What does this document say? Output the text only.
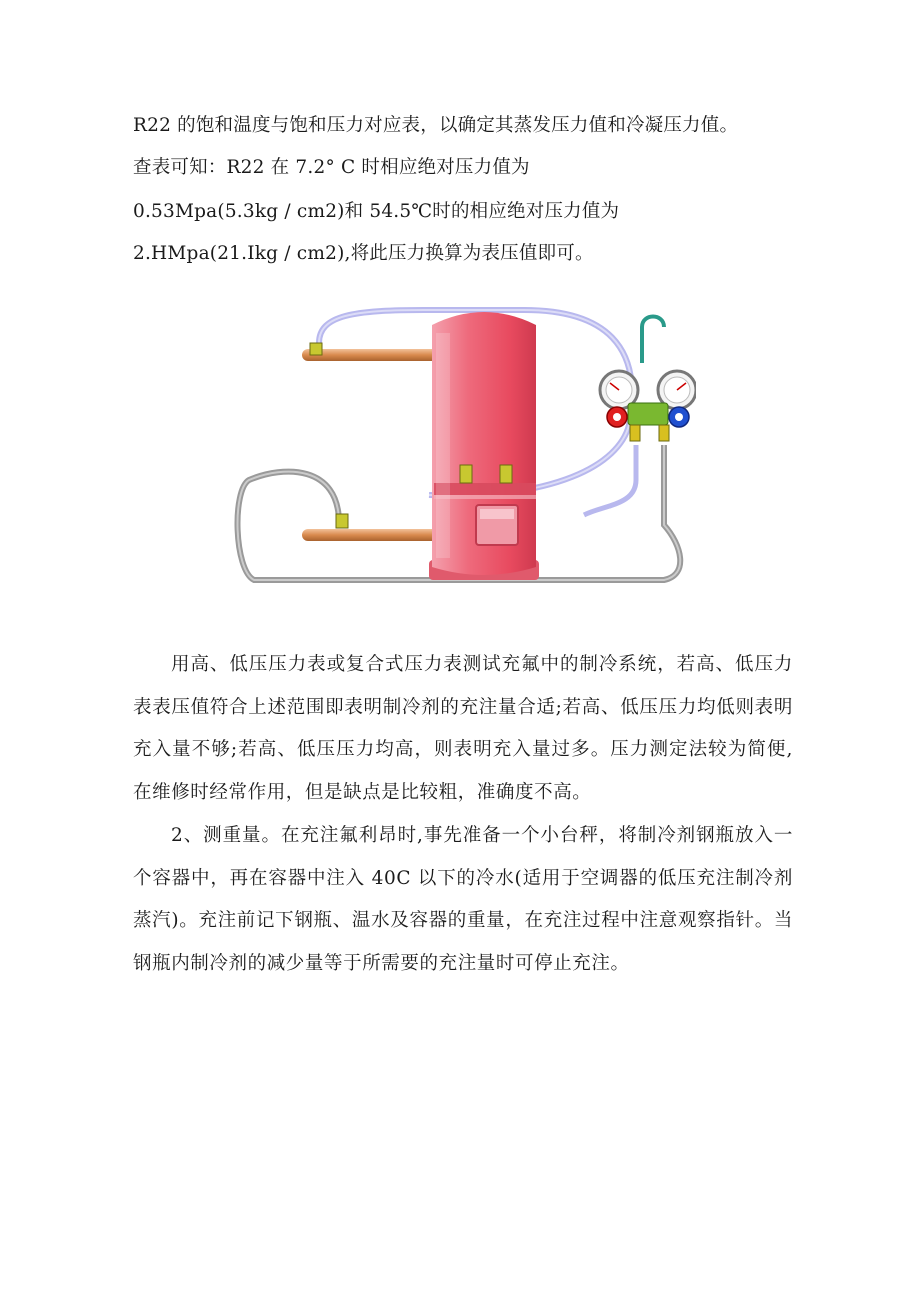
R22 的饱和温度与饱和压力对应表，以确定其蒸发压力值和冷凝压力值。
查表可知：R22 在 7.2° C 时相应绝对压力值为
0.53Mpa(5.3kg / cm2)和 54.5℃时的相应绝对压力值为
2.HMpa(21.Ikg / cm2),将此压力换算为表压值即可。
用高、低压压力表或复合式压力表测试充氟中的制冷系统，若高、低压力表表压值符合上述范围即表明制冷剂的充注量合适;若高、低压压力均低则表明充入量不够;若高、低压压力均高，则表明充入量过多。压力测定法较为简便,在维修时经常作用，但是缺点是比较粗，准确度不高。
2、测重量。在充注氟利昂时,事先准备一个小台秤，将制冷剂钢瓶放入一个容器中，再在容器中注入 40C 以下的冷水(适用于空调器的低压充注制冷剂蒸汽)。充注前记下钢瓶、温水及容器的重量，在充注过程中注意观察指针。当钢瓶内制冷剂的减少量等于所需要的充注量时可停止充注。
